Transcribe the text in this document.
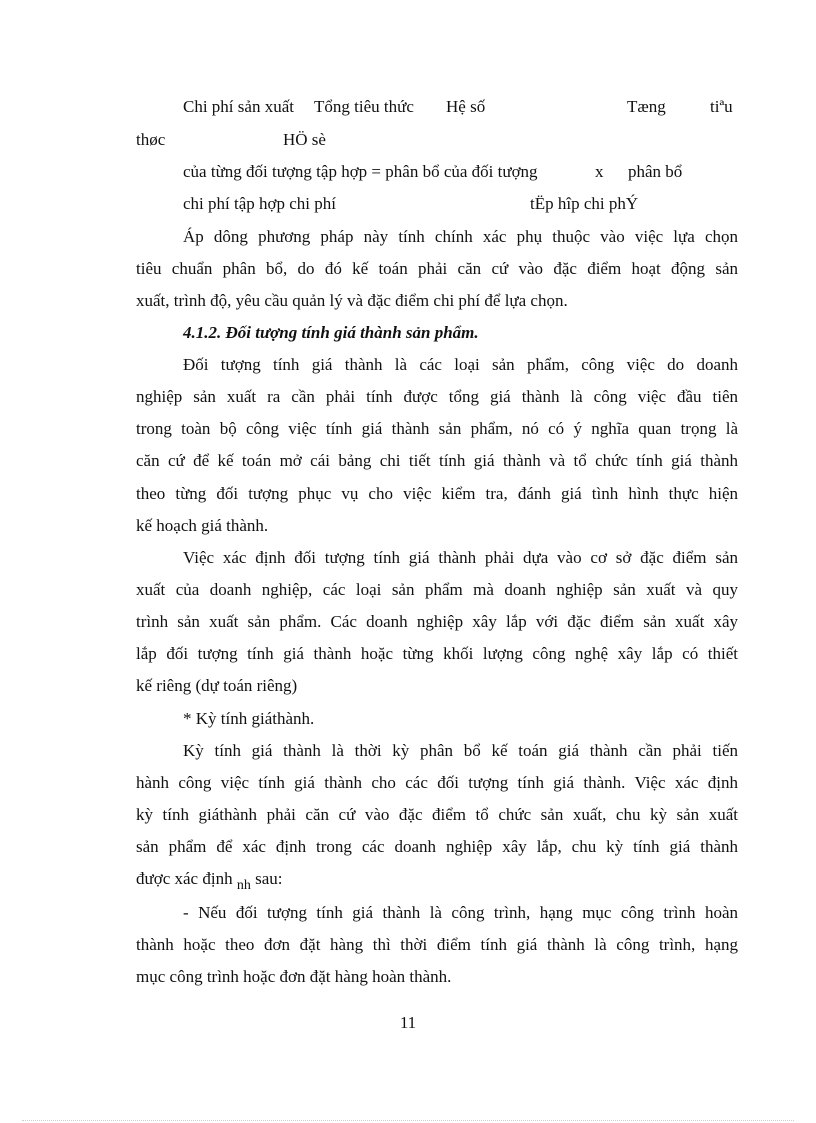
Chi phí sản xuất Tổng tiêu thức Hệ số	Tæng	tiªu
thøc	HÖ sè
của từng đối tượng tập hợp = phân bổ của đối tượng	x phân bổ
chi phí tập hợp chi phí	tËp hîp chi phÝ
Áp dông phương pháp này tính chính xác phụ thuộc vào việc lựa chọn
tiêu chuẩn phân bổ, do đó kế toán phải căn cứ vào đặc điểm hoạt động sản
xuất, trình độ, yêu cầu quản lý và đặc điểm chi phí để lựa chọn.
4.1.2. Đối tượng tính giá thành sản phẩm.
Đối tượng tính giá thành là các loại sản phẩm, công việc do doanh
nghiệp sản xuất ra cần phải tính được tổng giá thành là công việc đầu tiên
trong toàn bộ công việc tính giá thành sản phẩm, nó có ý nghĩa quan trọng là
căn cứ để kế toán mở cái bảng chi tiết tính giá thành và tổ chức tính giá thành
theo từng đối tượng phục vụ cho việc kiểm tra, đánh giá tình hình thực hiện
kế hoạch giá thành.
Việc xác định đối tượng tính giá thành phải dựa vào cơ sở đặc điểm sản
xuất của doanh nghiệp, các loại sản phẩm mà doanh nghiệp sản xuất và quy
trình sản xuất sản phẩm. Các doanh nghiệp xây lắp với đặc điểm sản xuất xây
lắp đối tượng tính giá thành hoặc từng khối lượng công nghệ xây lắp có thiết
kế riêng (dự toán riêng)
* Kỳ tính giáthành.
Kỳ tính giá thành là thời kỳ phân bổ kế toán giá thành cần phải tiến
hành công việc tính giá thành cho các đối tượng tính giá thành. Việc xác định
kỳ tính giáthành phải căn cứ vào đặc điểm tổ chức sản xuất, chu kỳ sản xuất
sản phẩm để xác định trong các doanh nghiệp xây lắp, chu kỳ tính giá thành
được xác định $_{nh}$ sau:
- Nếu đối tượng tính giá thành là công trình, hạng mục công trình hoàn
thành hoặc theo đơn đặt hàng thì thời điểm tính giá thành là công trình, hạng
mục công trình hoặc đơn đặt hàng hoàn thành.
11
